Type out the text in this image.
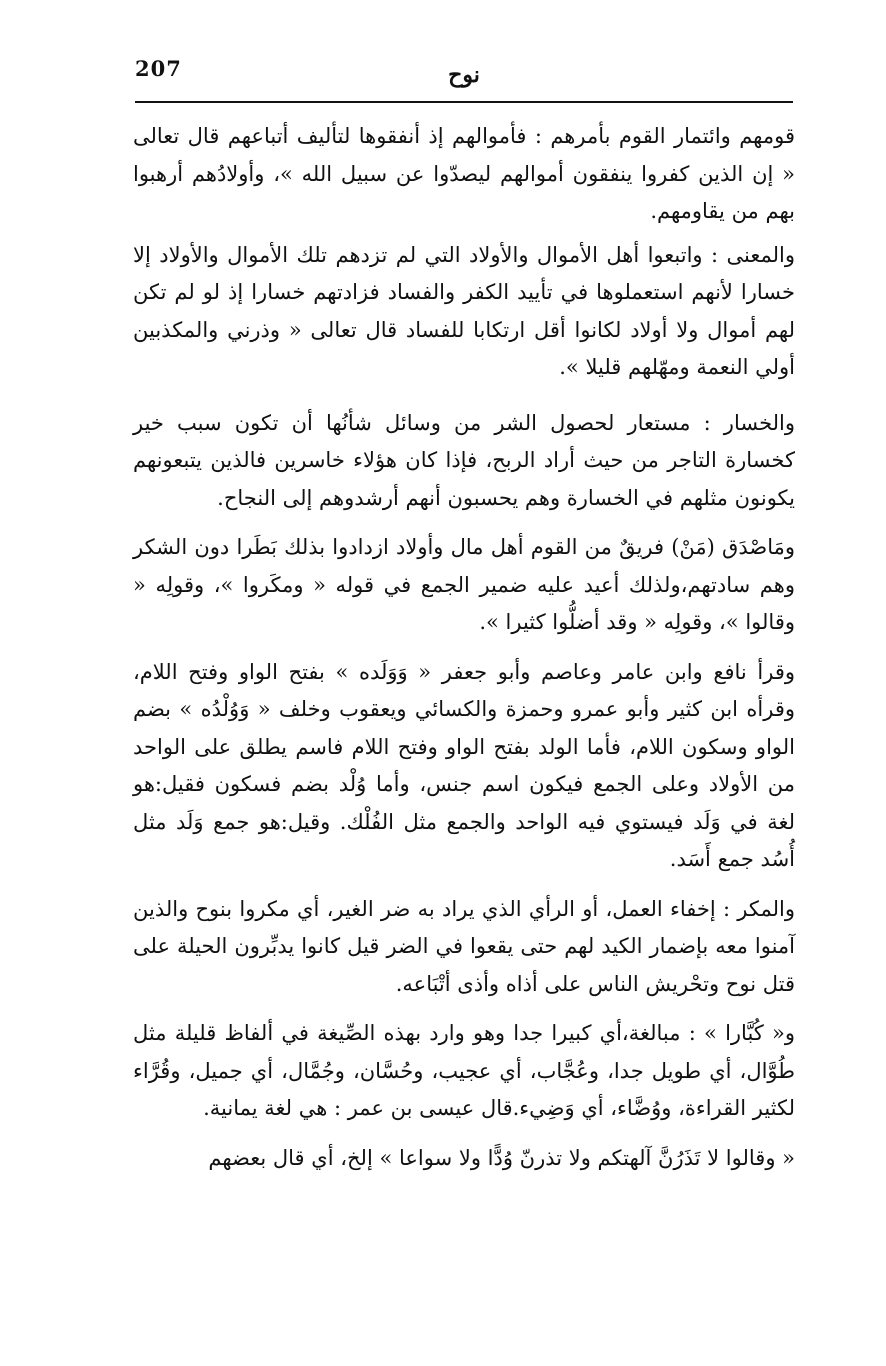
207	نوح

قومهم وائتمار القوم بأمرهم : فأموالهم إذ أنفقوها لتأليف أتباعهم قال تعالى « إن الذين كفروا ينفقون أموالهم ليصدّوا عن سبيل الله »، وأولادُهم أرهبوا بهم من يقاومهم.

والمعنى : واتبعوا أهل الأموال والأولاد التي لم تزدهم تلك الأموال والأولاد إلا خسارا لأنهم استعملوها في تأييد الكفر والفساد فزادتهم خسارا إذ لو لم تكن لهم أموال ولا أولاد لكانوا أقل ارتكابا للفساد قال تعالى « وذرني والمكذبين أولي النعمة ومهّلهم قليلا ».

والخسار : مستعار لحصول الشر من وسائل شأنُها أن تكون سبب خير كخسارة التاجر من حيث أراد الربح، فإذا كان هؤلاء خاسرين فالذين يتبعونهم يكونون مثلهم في الخسارة وهم يحسبون أنهم أرشدوهم إلى النجاح.

ومَاصْدَق (مَنْ) فريقٌ من القوم أهل مال وأولاد ازدادوا بذلك بَطَرا دون الشكر وهم سادتهم،ولذلك أعيد عليه ضمير الجمع في قوله « ومكَروا »، وقولِه « وقالوا »، وقولِه « وقد أضلُّوا كثيرا ».

وقرأ نافع وابن عامر وعاصم وأبو جعفر « وَوَلَده » بفتح الواو وفتح اللام، وقرأه ابن كثير وأبو عمرو وحمزة والكسائي ويعقوب وخلف « وَوُلْدُه » بضم الواو وسكون اللام، فأما الولد بفتح الواو وفتح اللام فاسم يطلق على الواحد من الأولاد وعلى الجمع فيكون اسم جنس، وأما وُلْد بضم فسكون فقيل:هو لغة في وَلَد فيستوي فيه الواحد والجمع مثل الفُلْك. وقيل:هو جمع وَلَد مثل أُسُد جمع أَسَد.

والمكر : إخفاء العمل، أو الرأي الذي يراد به ضر الغير، أي مكروا بنوح والذين آمنوا معه بإضمار الكيد لهم حتى يقعوا في الضر قيل كانوا يدبِّرون الحيلة على قتل نوح وتحْريش الناس على أذاه وأذى أتْبَاعه.

و« كُبَّارا » : مبالغة،أي كبيرا جدا وهو وارد بهذه الصِّيغة في ألفاظ قليلة مثل طُوَّال، أي طويل جدا، وعُجَّاب، أي عجيب، وحُسَّان، وجُمَّال، أي جميل، وقُرَّاء لكثير القراءة، ووُضَّاء، أي وَضِيء.قال عيسى بن عمر : هي لغة يمانية.

« وقالوا لا تَذَرُنَّ آلهتكم ولا تذرنّ وُدًّا ولا سواعا » إلخ، أي قال بعضهم
